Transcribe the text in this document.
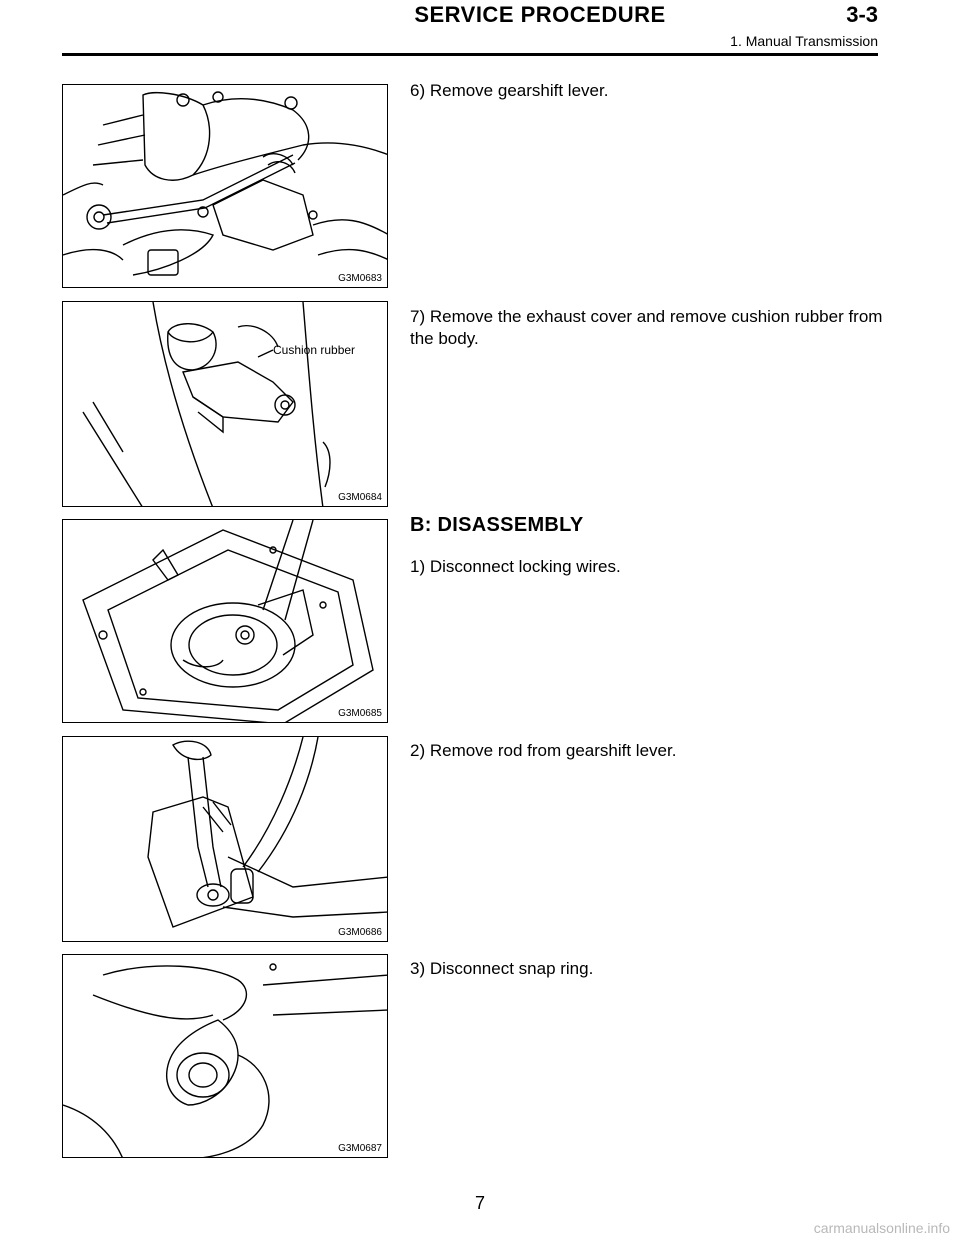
SERVICE PROCEDURE	3-3
1. Manual Transmission
G3M0683
6) Remove gearshift lever.
Cushion rubber
G3M0684
7) Remove the exhaust cover and remove cushion rubber from the body.
B: DISASSEMBLY
G3M0685
1) Disconnect locking wires.
G3M0686
2) Remove rod from gearshift lever.
G3M0687
3) Disconnect snap ring.
7
carmanualsonline.info
